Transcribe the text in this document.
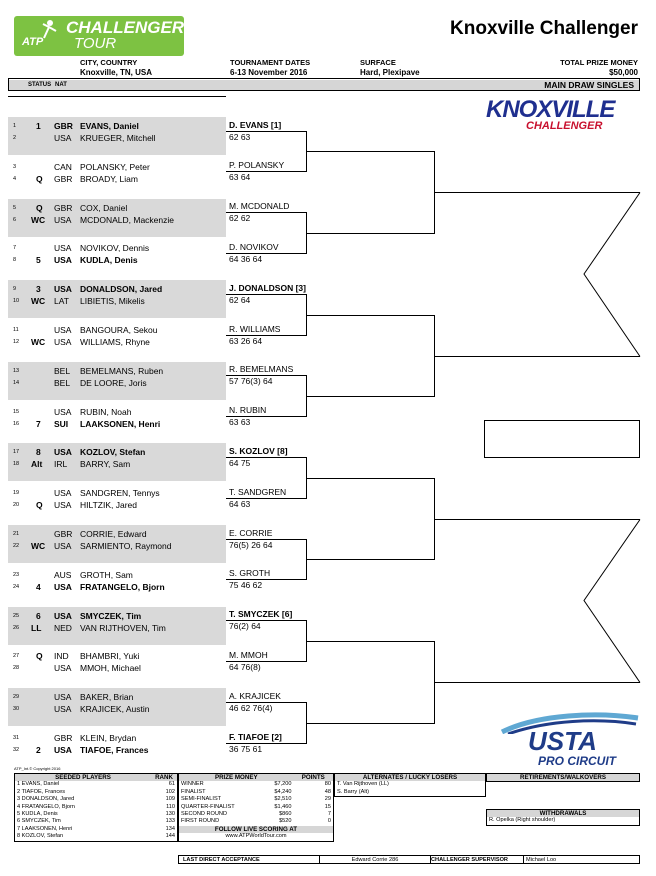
CHALLENGER
TOUR
ATP
Knoxville Challenger
CITY, COUNTRY
Knoxville, TN, USA
TOURNAMENT DATES
6-13 November 2016
SURFACE
Hard, Plexipave
TOTAL PRIZE MONEY
$50,000
STATUS NAT	MAIN DRAW SINGLES
KNOXVILLE
CHALLENGER
1 1 GBR EVANS, Daniel
2	USA KRUEGER, Mitchell
3	CAN POLANSKY, Peter
4 Q GBR BROADY, Liam
5 Q GBR COX, Daniel
6 WC USA MCDONALD, Mackenzie
7	USA NOVIKOV, Dennis
8 5 USA KUDLA, Denis
9 3 USA DONALDSON, Jared
10 WC LAT LIBIETIS, Mikelis
11	USA BANGOURA, Sekou
12 WC USA WILLIAMS, Rhyne
13	BEL BEMELMANS, Ruben
14	BEL DE LOORE, Joris
15	USA RUBIN, Noah
16 7 SUI LAAKSONEN, Henri
17 8 USA KOZLOV, Stefan
18 Alt IRL BARRY, Sam
19	USA SANDGREN, Tennys
20 Q USA HILTZIK, Jared
21	GBR CORRIE, Edward
22 WC USA SARMIENTO, Raymond
23	AUS GROTH, Sam
24 4 USA FRATANGELO, Bjorn
25 6 USA SMYCZEK, Tim
26 LL NED VAN RIJTHOVEN, Tim
27 Q IND BHAMBRI, Yuki
28	USA MMOH, Michael
29	USA BAKER, Brian
30	USA KRAJICEK, Austin
31	GBR KLEIN, Brydan
32 2 USA TIAFOE, Frances
D. EVANS [1]
62 63
P. POLANSKY
63 64
M. MCDONALD
62 62
D. NOVIKOV
64 36 64
J. DONALDSON [3]
62 64
R. WILLIAMS
63 26 64
R. BEMELMANS
57 76(3) 64
N. RUBIN
63 63
S. KOZLOV [8]
64 75
T. SANDGREN
64 63
E. CORRIE
76(5) 26 64
S. GROTH
75 46 62
T. SMYCZEK [6]
76(2) 64
M. MMOH
64 76(8)
A. KRAJICEK
46 62 76(4)
F. TIAFOE [2]
36 75 61	USTA
PRO CIRCUIT
ATP_Int.© Copyright 2016
SEEDED PLAYERS	RANK
1 EVANS, Daniel	61
2 TIAFOE, Frances	102
3 DONALDSON, Jared	109
4 FRATANGELO, Bjorn	110
5 KUDLA, Denis	130
6 SMYCZEK, Tim	133
7 LAAKSONEN, Henri	134
8 KOZLOV, Stefan	144
PRIZE MONEY		POINTS
WINNER	$7,200	80
FINALIST	$4,240	48
SEMI-FINALIST	$2,510	29
QUARTER-FINALIST	$1,460	15
SECOND ROUND	$860	7
FIRST ROUND	$520	0
FOLLOW LIVE SCORING AT		
www.ATPWorldTour.com		
ALTERNATES / LUCKY LOSERS
T. Van Rijthoven (LL)
S. Barry (Alt)
RETIREMENTS/WALKOVERS
WITHDRAWALS
R. Opelka (Right shoulder)
LAST DIRECT ACCEPTANCE	Edward Corrie 286	CHALLENGER SUPERVISOR	Michael Loo
